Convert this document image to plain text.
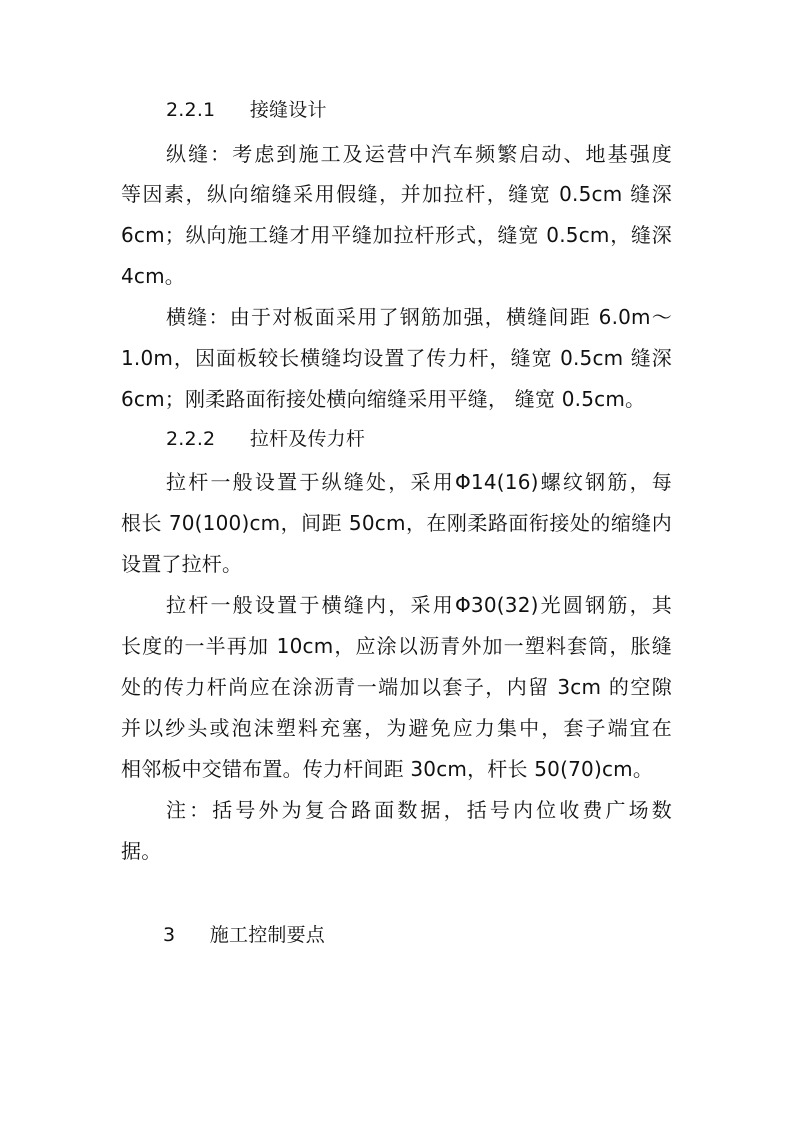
2.2.1 接缝设计
纵缝：考虑到施工及运营中汽车频繁启动、地基强度
等因素，纵向缩缝采用假缝，并加拉杆，缝宽 0.5cm 缝深
6cm；纵向施工缝才用平缝加拉杆形式，缝宽 0.5cm，缝深
4cm。
横缝：由于对板面采用了钢筋加强，横缝间距 6.0m～
1.0m，因面板较长横缝均设置了传力杆，缝宽 0.5cm 缝深
6cm；刚柔路面衔接处横向缩缝采用平缝， 缝宽 0.5cm。
2.2.2 拉杆及传力杆
拉杆一般设置于纵缝处，采用Φ14(16)螺纹钢筋，每
根长 70(100)cm，间距 50cm，在刚柔路面衔接处的缩缝内
设置了拉杆。
拉杆一般设置于横缝内，采用Φ30(32)光圆钢筋，其
长度的一半再加 10cm，应涂以沥青外加一塑料套筒，胀缝
处的传力杆尚应在涂沥青一端加以套子，内留 3cm 的空隙
并以纱头或泡沫塑料充塞，为避免应力集中，套子端宜在
相邻板中交错布置。传力杆间距 30cm，杆长 50(70)cm。
注：括号外为复合路面数据，括号内位收费广场数
据。
3 施工控制要点
